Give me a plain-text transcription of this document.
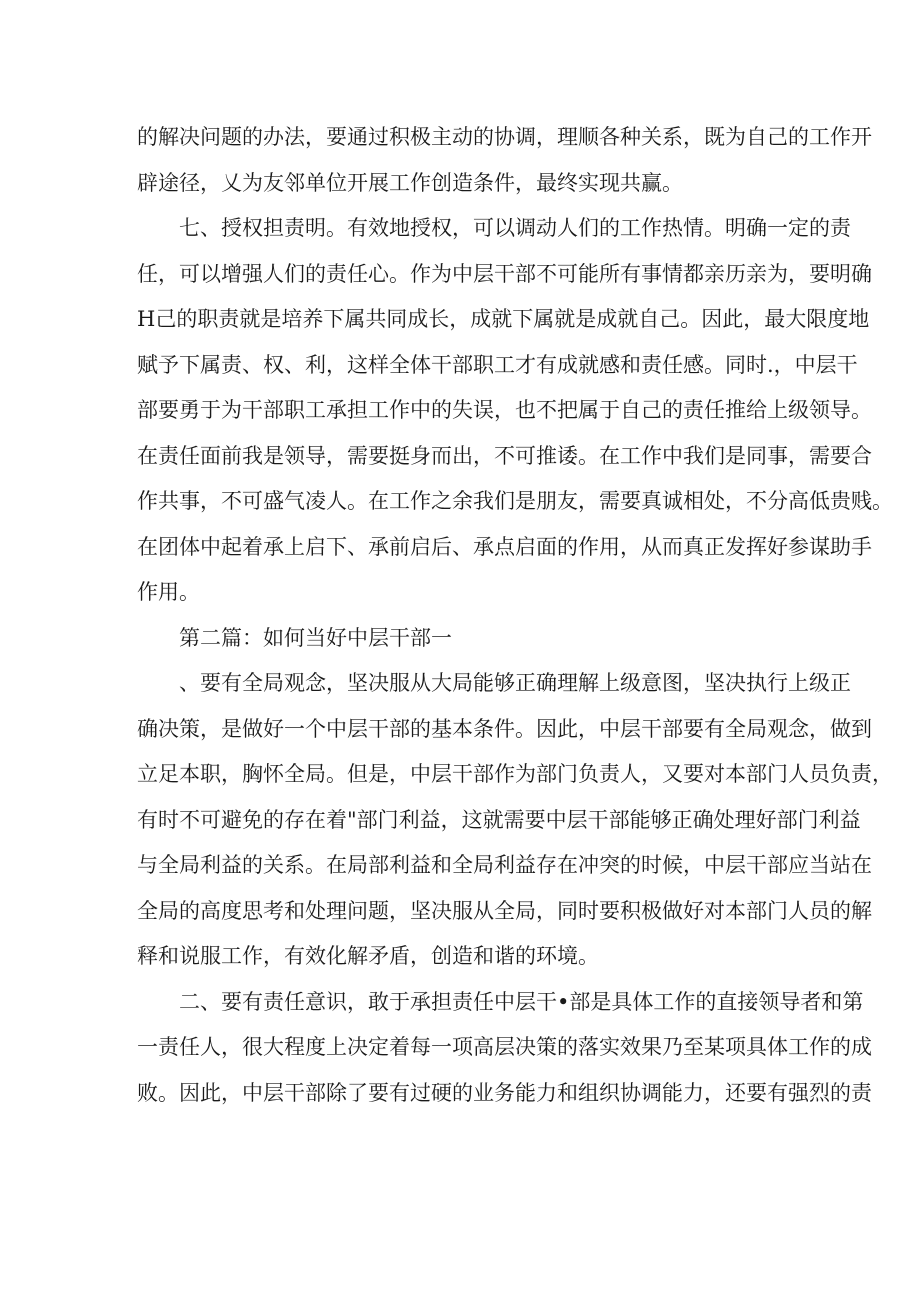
的解决问题的办法，要通过积极主动的协调，理顺各种关系，既为自己的工作开
辟途径，乂为友邻单位开展工作创造条件，最终实现共赢。
七、授权担责明。有效地授权，可以调动人们的工作热情。明确一定的责
任，可以增强人们的责任心。作为中层干部不可能所有事情都亲历亲为，要明确
H己的职责就是培养下属共同成长，成就下属就是成就自己。因此，最大限度地
赋予下属责、权、利，这样全体干部职工才有成就感和责任感。同时.，中层干
部要勇于为干部职工承担工作中的失误，也不把属于自己的责任推给上级领导。
在责任面前我是领导，需要挺身而出，不可推诿。在工作中我们是同事，需要合
作共事，不可盛气凌人。在工作之余我们是朋友，需要真诚相处，不分高低贵贱。
在团体中起着承上启下、承前启后、承点启面的作用，从而真正发挥好参谋助手
作用。
第二篇：如何当好中层干部一
、要有全局观念，坚决服从大局能够正确理解上级意图，坚决执行上级正
确决策，是做好一个中层干部的基本条件。因此，中层干部要有全局观念，做到
立足本职，胸怀全局。但是，中层干部作为部门负责人，又要对本部门人员负责，
有时不可避免的存在着"部门利益，这就需要中层干部能够正确处理好部门利益
与全局利益的关系。在局部利益和全局利益存在冲突的时候，中层干部应当站在
全局的高度思考和处理问题，坚决服从全局，同时要积极做好对本部门人员的解
释和说服工作，有效化解矛盾，创造和谐的环境。
二、要有责任意识，敢于承担责任中层干•部是具体工作的直接领导者和第
一责任人，很大程度上决定着每一项高层决策的落实效果乃至某项具体工作的成
败。因此，中层干部除了要有过硬的业务能力和组织协调能力，还要有强烈的责
